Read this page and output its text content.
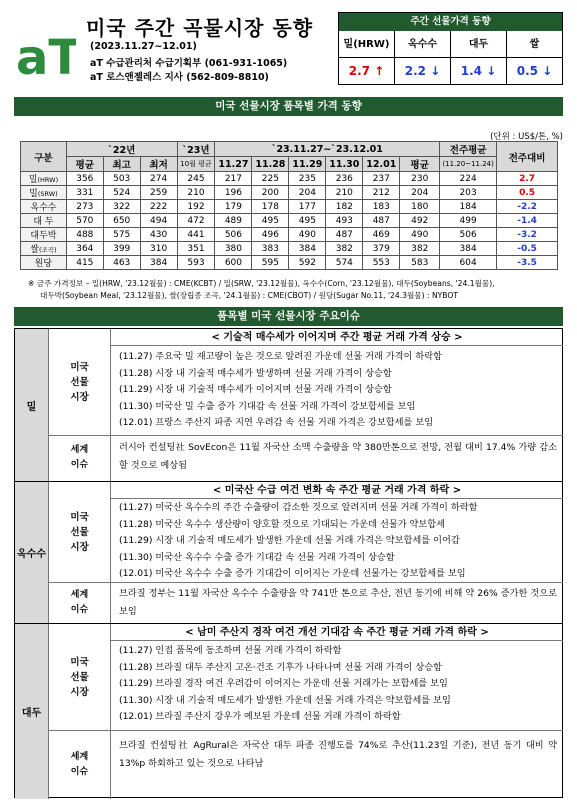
aT
미국 주간 곡물시장 동향
(2023.11.27~12.01)
aT 수급관리처 수급기획부 (061-931-1065)
aT 로스앤젤레스 지사 (562-809-8810)
주간 선물가격 동향
밀(HRW)	옥수수	대두	쌀
2.7 ↑	2.2 ↓	1.4 ↓	0.5 ↓
미국 선물시장 품목별 가격 동향
(단위 : US$/톤, %)
구분	`22년			`23년	`23.11.27~`23.12.01						전주평균	전주대비
	평균	최고	최저	10월 평균	11.27	11.28	11.29	11.30	12.01	평균	(11.20~11.24)	
밀(HRW)	356	503	274	245	217	225	235	236	237	230	224	2.7
밀(SRW)	331	524	259	210	196	200	204	210	212	204	203	0.5
옥수수	273	322	222	192	179	178	177	182	183	180	184	-2.2
대 두	570	650	494	472	489	495	495	493	487	492	499	-1.4
대두박	488	575	430	441	506	496	490	487	469	490	506	-3.2
쌀(조곡)	364	399	310	351	380	383	384	382	379	382	384	-0.5
원당	415	463	384	593	600	595	592	574	553	583	604	-3.5
※ 금주 가격정보 – 밀(HRW, '23.12월물) : CME(KCBT) / 밀(SRW, '23.12월물), 옥수수(Corn, '23.12월물), 대두(Soybeans, '24.1월물),
대두박(Soybean Meal, '23.12월물), 쌀(장립종 조곡, '24.1월물) : CME(CBOT) / 원당(Sugar No.11, '24.3월물) : NYBOT
품목별 미국 선물시장 주요이슈
밀
미국
선물
시장
< 기술적 매수세가 이어지며 주간 평균 거래 가격 상승 >
(11.27) 주요국 밀 재고량이 높은 것으로 알려진 가운데 선물 거래 가격이 하락함
(11.28) 시장 내 기술적 매수세가 발생하며 선물 거래 가격이 상승함
(11.29) 시장 내 기술적 매수세가 이어지며 선물 거래 가격이 상승함
(11.30) 미국산 밀 수출 증가 기대감 속 선물 거래 가격이 강보합세를 보임
(12.01) 프랑스 주산지 파종 지연 우려감 속 선물 거래 가격은 강보합세를 보임
세계
이슈
러시아 컨설팅社 SovEcon은 11월 자국산 소맥 수출량을 약 380만톤으로 전망, 전월 대비 17.4% 가량 감소할 것으로 예상됨
옥수수
미국
선물
시장
< 미국산 수급 여건 변화 속 주간 평균 거래 가격 하락 >
(11.27) 미국산 옥수수의 주간 수출량이 감소한 것으로 알려지며 선물 거래 가격이 하락함
(11.28) 미국산 옥수수 생산량이 양호할 것으로 기대되는 가운데 선물가 약보합세
(11.29) 시장 내 기술적 매도세가 발생한 가운데 선물 거래 가격은 약보합세를 이어감
(11.30) 미국산 옥수수 수출 증가 기대감 속 선물 거래 가격이 상승함
(12.01) 미국산 옥수수 수출 증가 기대감이 이어지는 가운데 선물가는 강보합세를 보임
세계
이슈
브라질 정부는 11월 자국산 옥수수 수출량을 약 741만 톤으로 추산, 전년 동기에 비해 약 26% 증가한 것으로 보임
대두
미국
선물
시장
< 남미 주산지 경작 여건 개선 기대감 속 주간 평균 거래 가격 하락 >
(11.27) 인접 품목에 동조하며 선물 거래 가격이 하락함
(11.28) 브라질 대두 주산지 고온·건조 기후가 나타나며 선물 거래 가격이 상승함
(11.29) 브라질 경작 여건 우려감이 이어지는 가운데 선물 거래가는 보합세를 보임
(11.30) 시장 내 기술적 매도세가 발생한 가운데 선물 거래 가격은 약보합세를 보임
(12.01) 브라질 주산지 강우가 예보된 가운데 선물 거래 가격이 하락함
세계
이슈
브라질 컨설팅社 AgRural은 자국산 대두 파종 진행도를 74%로 추산(11.23일 기준), 전년 동기 대비 약 13%p 하회하고 있는 것으로 나타남
